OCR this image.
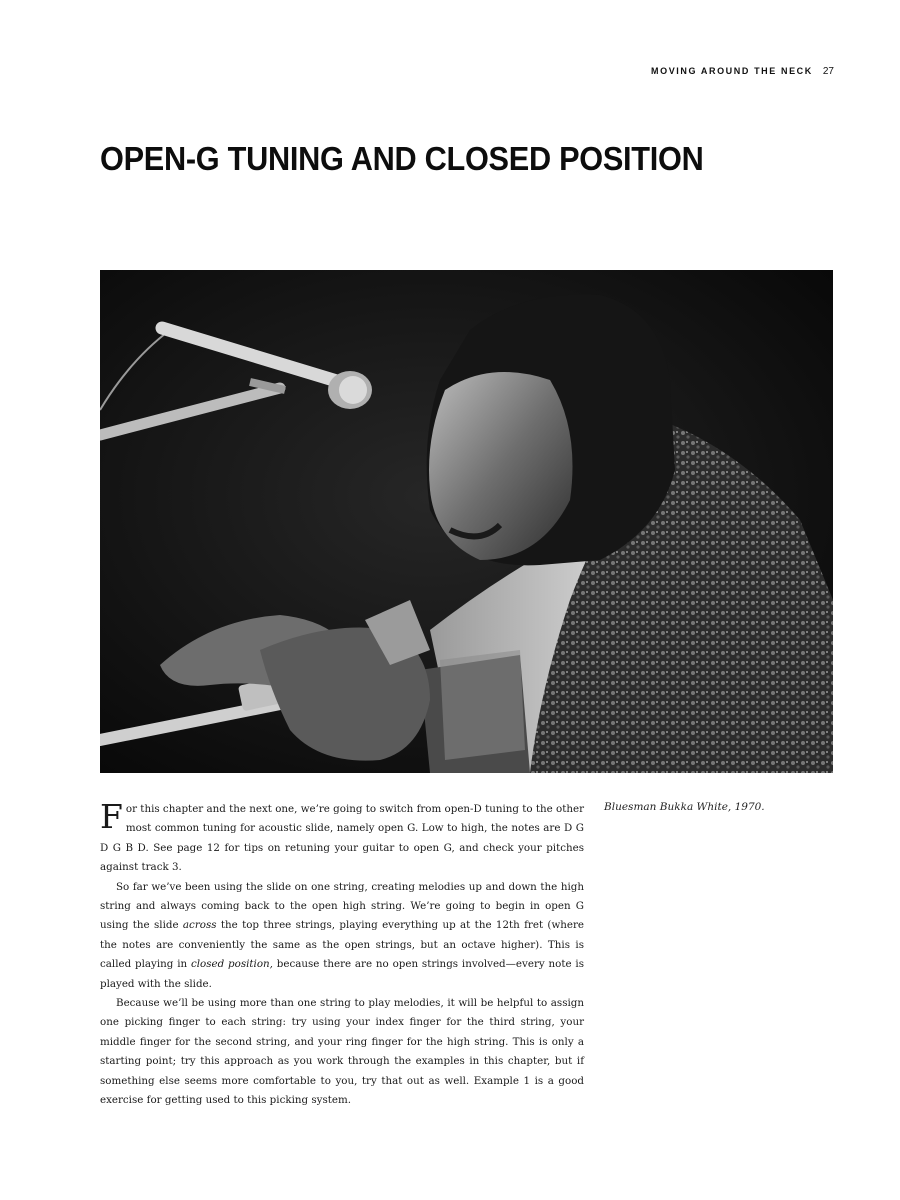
MOVING AROUND THE NECK 27
OPEN-G TUNING AND CLOSED POSITION
Bluesman Bukka White, 1970.

For this chapter and the next one, we’re going to switch from open-D tuning to the other most common tuning for acoustic slide, namely open G. Low to high, the notes are D G D G B D. See page 12 for tips on retuning your guitar to open G, and check your pitches against track 3.

So far we’ve been using the slide on one string, creating melodies up and down the high string and always coming back to the open high string. We’re going to begin in open G using the slide across the top three strings, playing everything up at the 12th fret (where the notes are conveniently the same as the open strings, but an octave higher). This is called playing in closed position, because there are no open strings involved—every note is played with the slide.

Because we’ll be using more than one string to play melodies, it will be helpful to assign one picking finger to each string: try using your index finger for the third string, your middle finger for the second string, and your ring finger for the high string. This is only a starting point; try this approach as you work through the examples in this chapter, but if something else seems more comfortable to you, try that out as well. Example 1 is a good exercise for getting used to this picking system.
